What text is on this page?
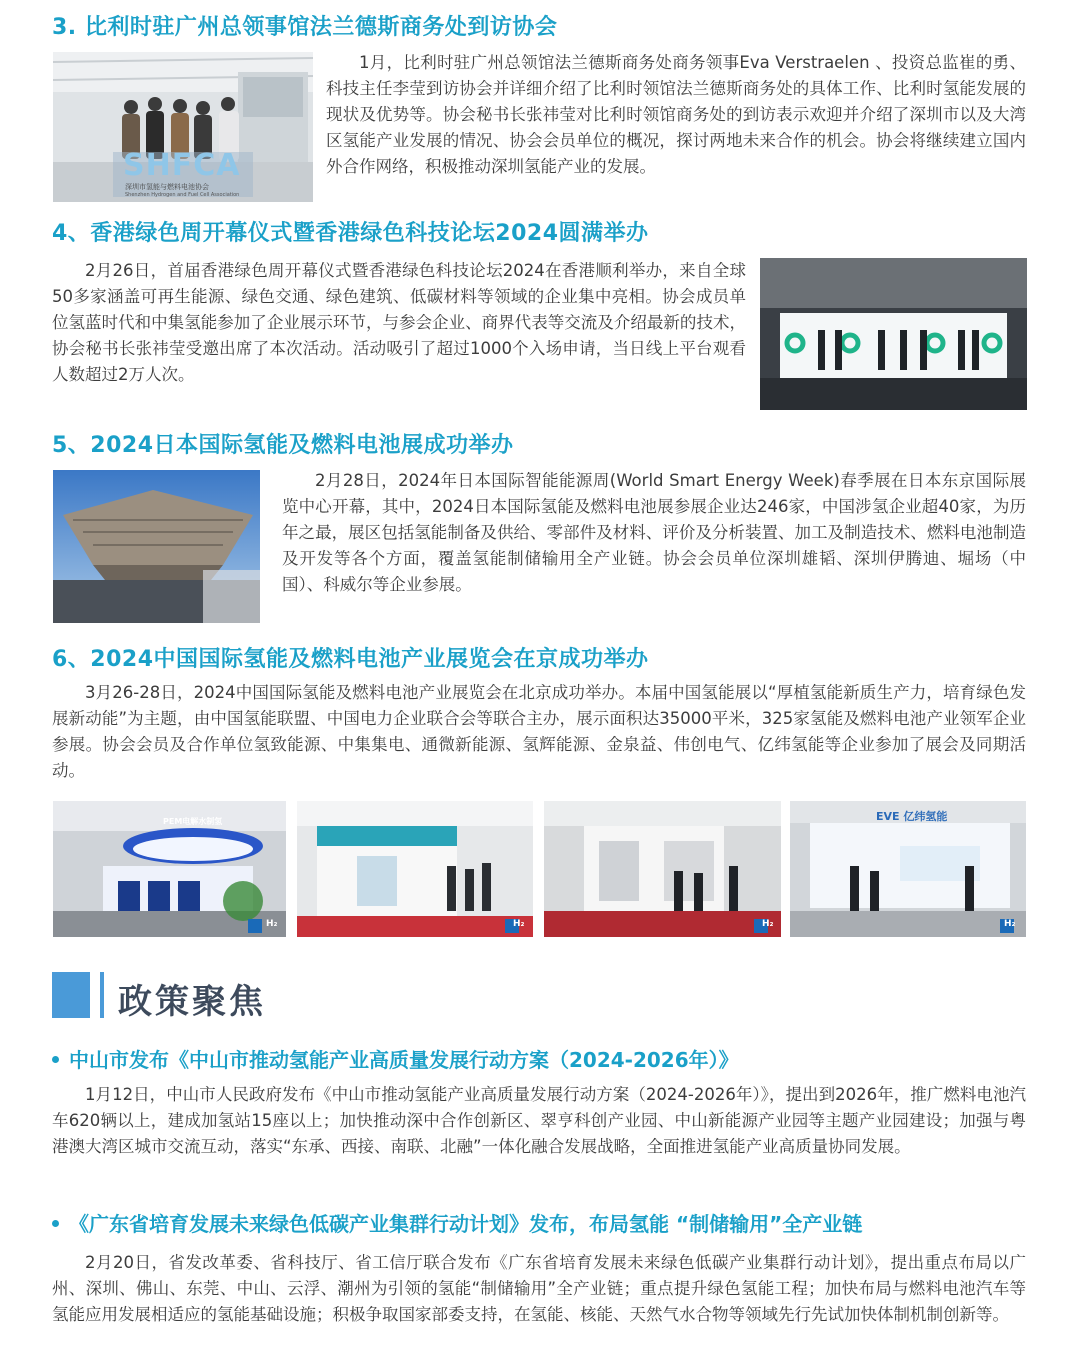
3. 比利时驻广州总领事馆法兰德斯商务处到访协会
SHFCA
深圳市氢能与燃料电池协会
Shenzhen Hydrogen and Fuel Cell Association

1月，比利时驻广州总领馆法兰德斯商务处商务领事Eva Verstraelen 、投资总监崔的勇、科技主任李莹到访协会并详细介绍了比利时领馆法兰德斯商务处的具体工作、比利时氢能发展的现状及优势等。协会秘书长张祎莹对比利时领馆商务处的到访表示欢迎并介绍了深圳市以及大湾区氢能产业发展的情况、协会会员单位的概况，探讨两地未来合作的机会。协会将继续建立国内外合作网络，积极推动深圳氢能产业的发展。

4、香港绿色周开幕仪式暨香港绿色科技论坛2024圆满举办

2月26日，首届香港绿色周开幕仪式暨香港绿色科技论坛2024在香港顺利举办，来自全球50多家涵盖可再生能源、绿色交通、绿色建筑、低碳材料等领域的企业集中亮相。协会成员单位氢蓝时代和中集氢能参加了企业展示环节，与参会企业、商界代表等交流及介绍最新的技术，协会秘书长张祎莹受邀出席了本次活动。活动吸引了超过1000个入场申请，当日线上平台观看人数超过2万人次。

5、2024日本国际氢能及燃料电池展成功举办

2月28日，2024年日本国际智能能源周(World Smart Energy Week)春季展在日本东京国际展览中心开幕，其中，2024日本国际氢能及燃料电池展参展企业达246家，中国涉氢企业超40家，为历年之最，展区包括氢能制备及供给、零部件及材料、评价及分析装置、加工及制造技术、燃料电池制造及开发等各个方面，覆盖氢能制储输用全产业链。协会会员单位深圳雄韬、深圳伊腾迪、堀场（中国）、科威尔等企业参展。

6、2024中国国际氢能及燃料电池产业展览会在京成功举办

3月26-28日，2024中国国际氢能及燃料电池产业展览会在北京成功举办。本届中国氢能展以“厚植氢能新质生产力，培育绿色发展新动能”为主题，由中国氢能联盟、中国电力企业联合会等联合主办，展示面积达35000平米，325家氢能及燃料电池产业领军企业参展。协会会员及合作单位氢致能源、中集集电、通微新能源、氢辉能源、金泉益、伟创电气、亿纬氢能等企业参加了展会及同期活动。

PEM电解水制氢
H₂	H₂	H₂
EVE 亿纬氢能
H₂
政策聚焦
中山市发布《中山市推动氢能产业高质量发展行动方案（2024-2026年）》

1月12日，中山市人民政府发布《中山市推动氢能产业高质量发展行动方案（2024-2026年）》，提出到2026年，推广燃料电池汽车620辆以上，建成加氢站15座以上；加快推动深中合作创新区、翠亨科创产业园、中山新能源产业园等主题产业园建设；加强与粤港澳大湾区城市交流互动，落实“东承、西接、南联、北融”一体化融合发展战略，全面推进氢能产业高质量协同发展。

《广东省培育发展未来绿色低碳产业集群行动计划》发布，布局氢能 “制储输用”全产业链

2月20日，省发改革委、省科技厅、省工信厅联合发布《广东省培育发展未来绿色低碳产业集群行动计划》，提出重点布局以广州、深圳、佛山、东莞、中山、云浮、潮州为引领的氢能“制储输用”全产业链；重点提升绿色氢能工程；加快布局与燃料电池汽车等氢能应用发展相适应的氢能基础设施；积极争取国家部委支持，在氢能、核能、天然气水合物等领域先行先试加快体制机制创新等。
